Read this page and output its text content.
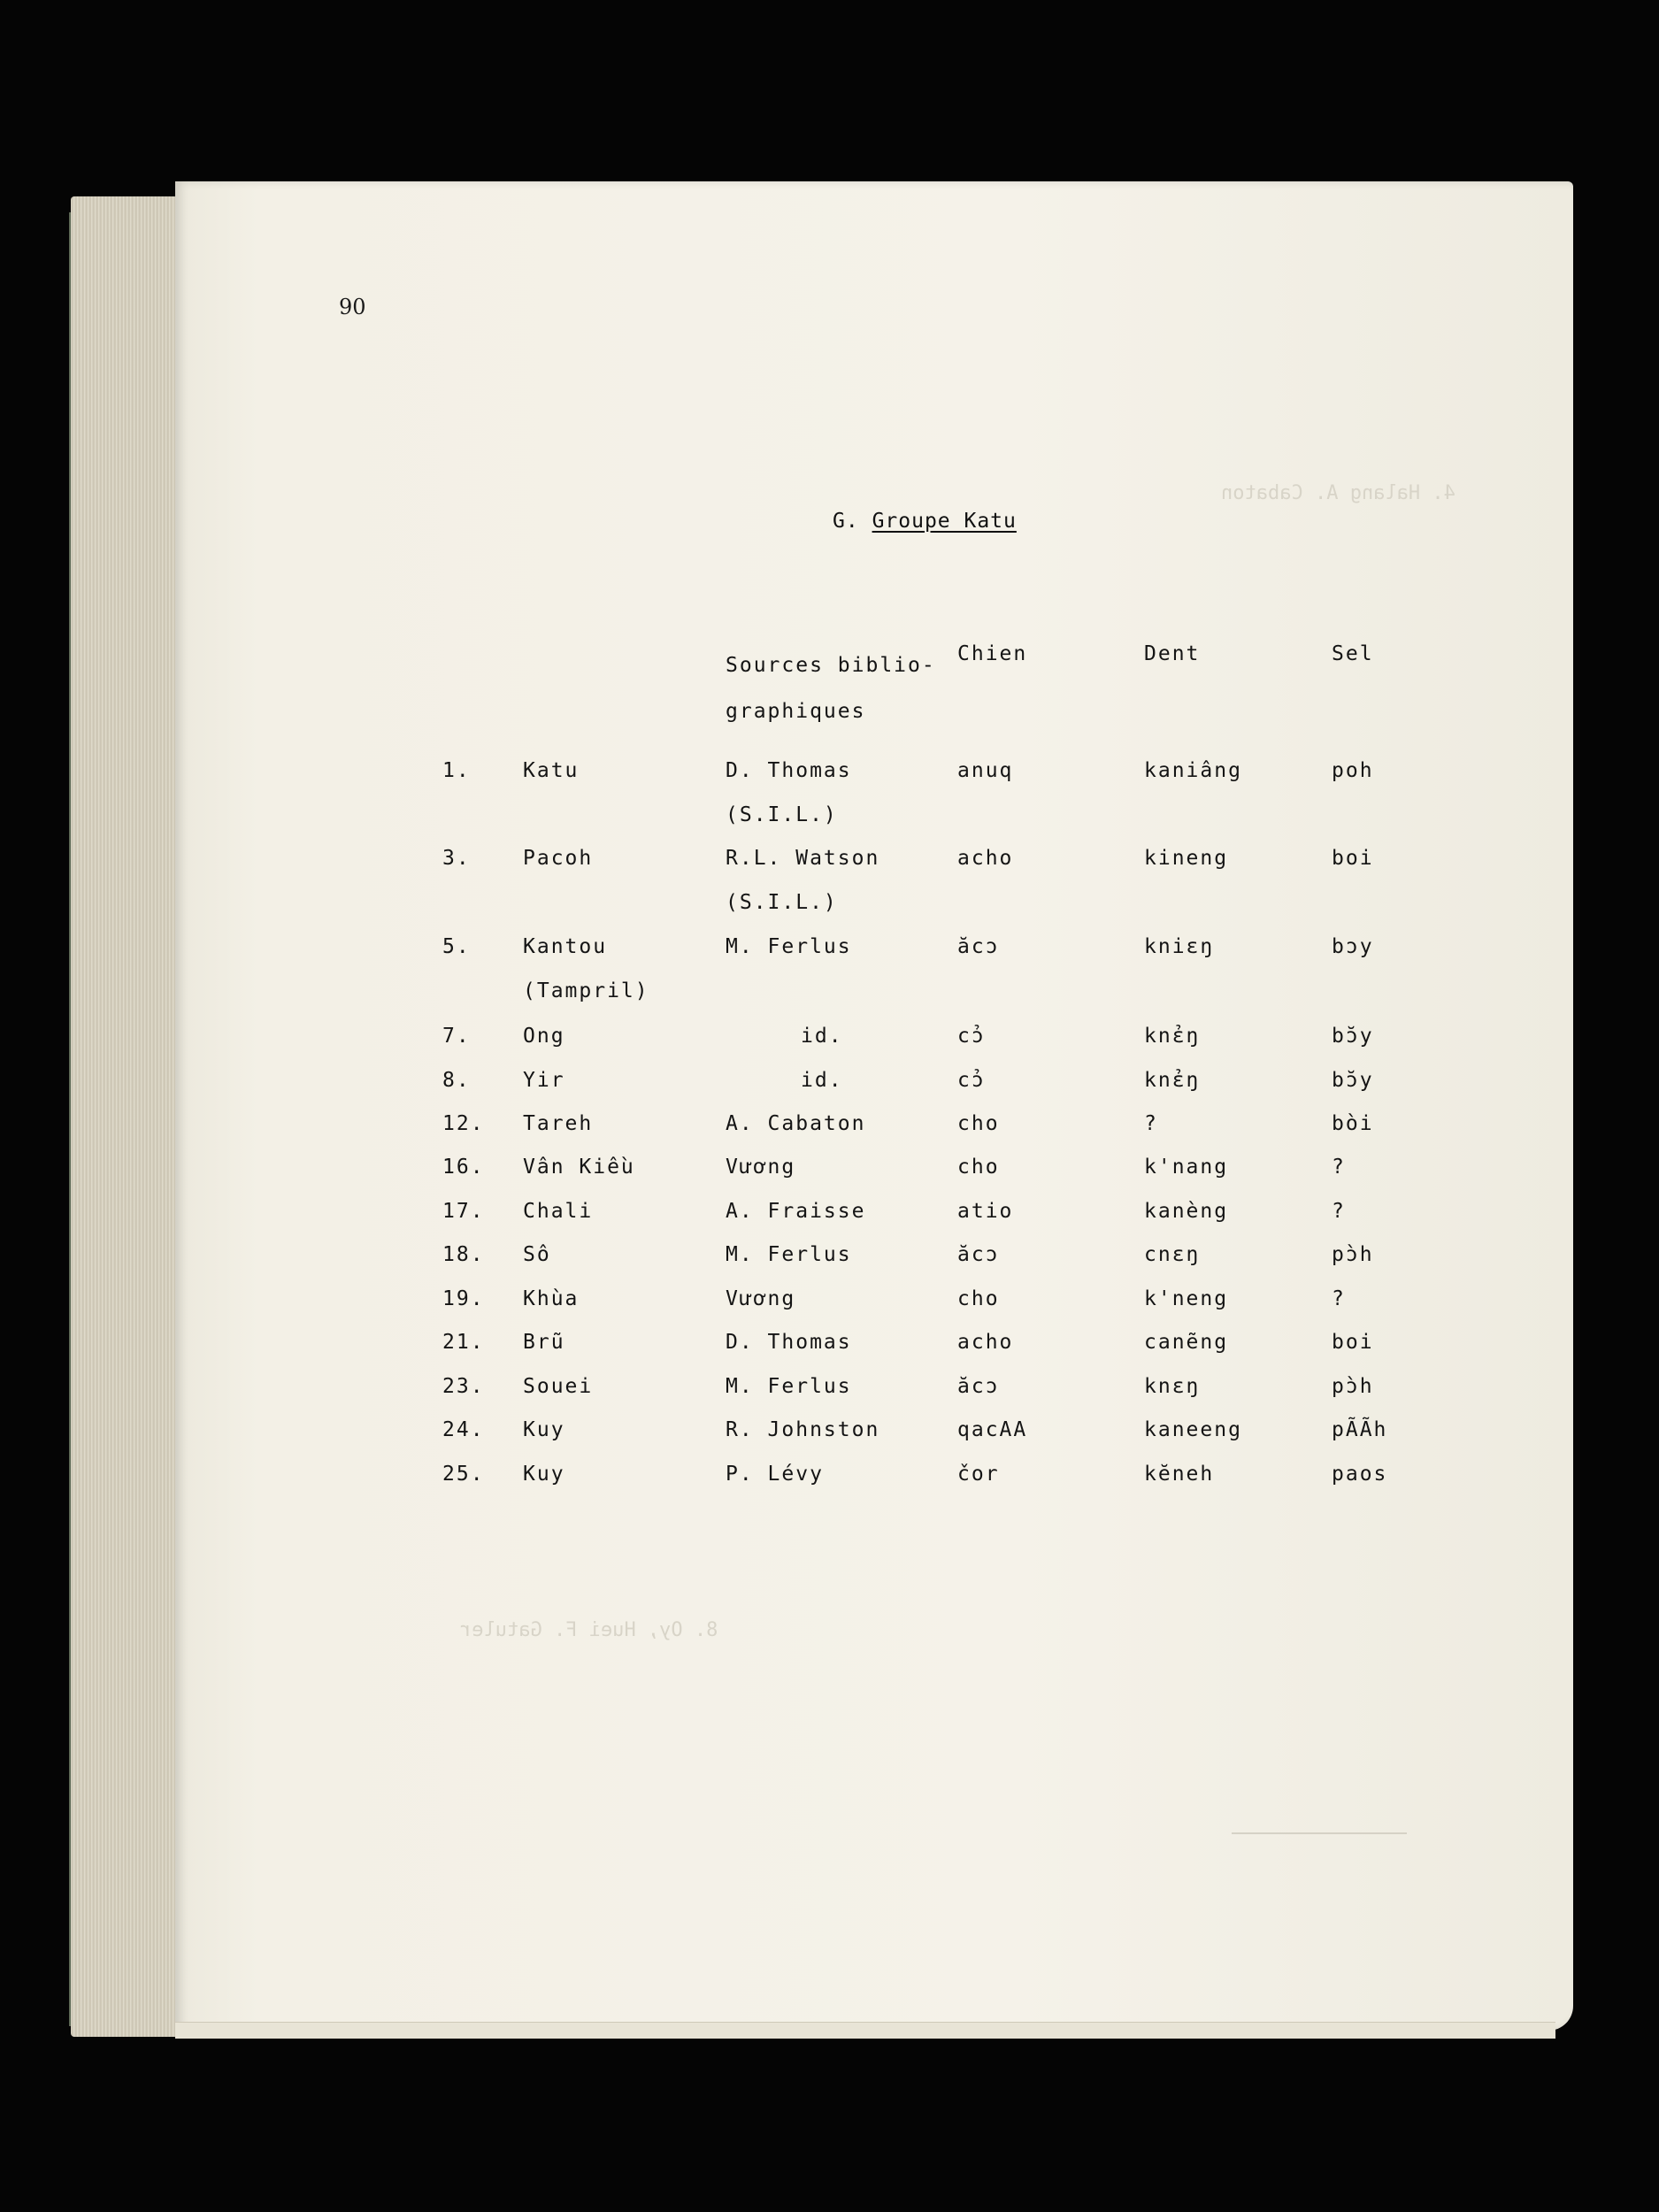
4. Halang A. Cabaton
8. Oy, Huei F. Gatuler
90
G. Groupe Katu
Sources biblio-
graphiques
Chien	Dent	Sel
1.	Katu	D. Thomas	anuq	kaniâng	poh
(S.I.L.)
3.	Pacoh	R.L. Watson	acho	kineng	boi
(S.I.L.)
5.	Kantou	M. Ferlus	ăcɔ	kniɛŋ	bɔy
(Tampril)
7.	Ong	id.	cɔ̉	knɛ̉ŋ	bɔ̆y
8.	Yir	id.	cɔ̉	knɛ̉ŋ	bɔ̆y
12. Tareh	A. Cabaton	cho	?	bòi
16. Vân Kiều	Vương	cho	k'nang	?
17. Chali	A. Fraisse	atio	kanèng	?
18. Sô	M. Ferlus	ăcɔ	cnɛŋ	pɔ̀h
19. Khùa	Vương	cho	k'neng	?
21. Brũ	D. Thomas	acho	canẽng	boi
23. Souei	M. Ferlus	ăcɔ	knɛŋ	pɔ̀h
24. Kuy	R. Johnston	qacAA	kaneeng	pÃÃh
25. Kuy	P. Lévy	čor	kĕneh	paos
